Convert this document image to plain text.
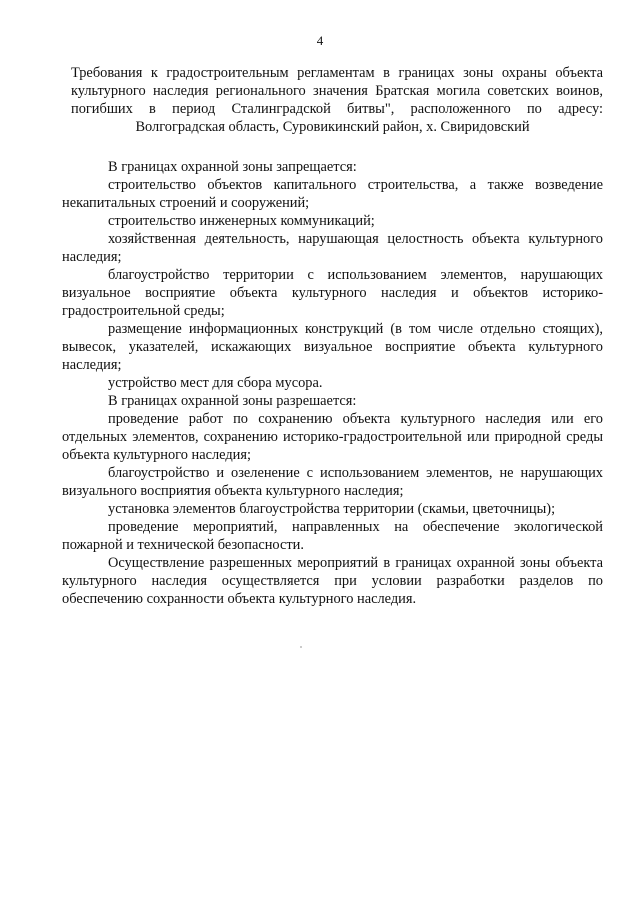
4

Требования к градостроительным регламентам в границах зоны охраны объекта

культурного наследия регионального значения Братская могила советских воинов,

погибших в период Сталинградской битвы", расположенного по адресу:

Волгоградская область, Суровикинский район, х. Свиридовский

В границах охранной зоны запрещается:

строительство объектов капитального строительства, а также возведение некапитальных строений и сооружений;

строительство инженерных коммуникаций;

хозяйственная деятельность, нарушающая целостность объекта культурного наследия;

благоустройство территории с использованием элементов, нарушающих визуальное восприятие объекта культурного наследия и объектов историко-градостроительной среды;

размещение информационных конструкций (в том числе отдельно стоящих), вывесок, указателей, искажающих визуальное восприятие объекта культурного наследия;

устройство мест для сбора мусора.

В границах охранной зоны разрешается:

проведение работ по сохранению объекта культурного наследия или его отдельных элементов, сохранению историко-градостроительной или природной среды объекта культурного наследия;

благоустройство и озеленение с использованием элементов, не нарушающих визуального восприятия объекта культурного наследия;

установка элементов благоустройства территории (скамьи, цветочницы);

проведение мероприятий, направленных на обеспечение экологической пожарной и технической безопасности.

Осуществление разрешенных мероприятий в границах охранной зоны объекта культурного наследия осуществляется при условии разработки разделов по обеспечению сохранности объекта культурного наследия.
